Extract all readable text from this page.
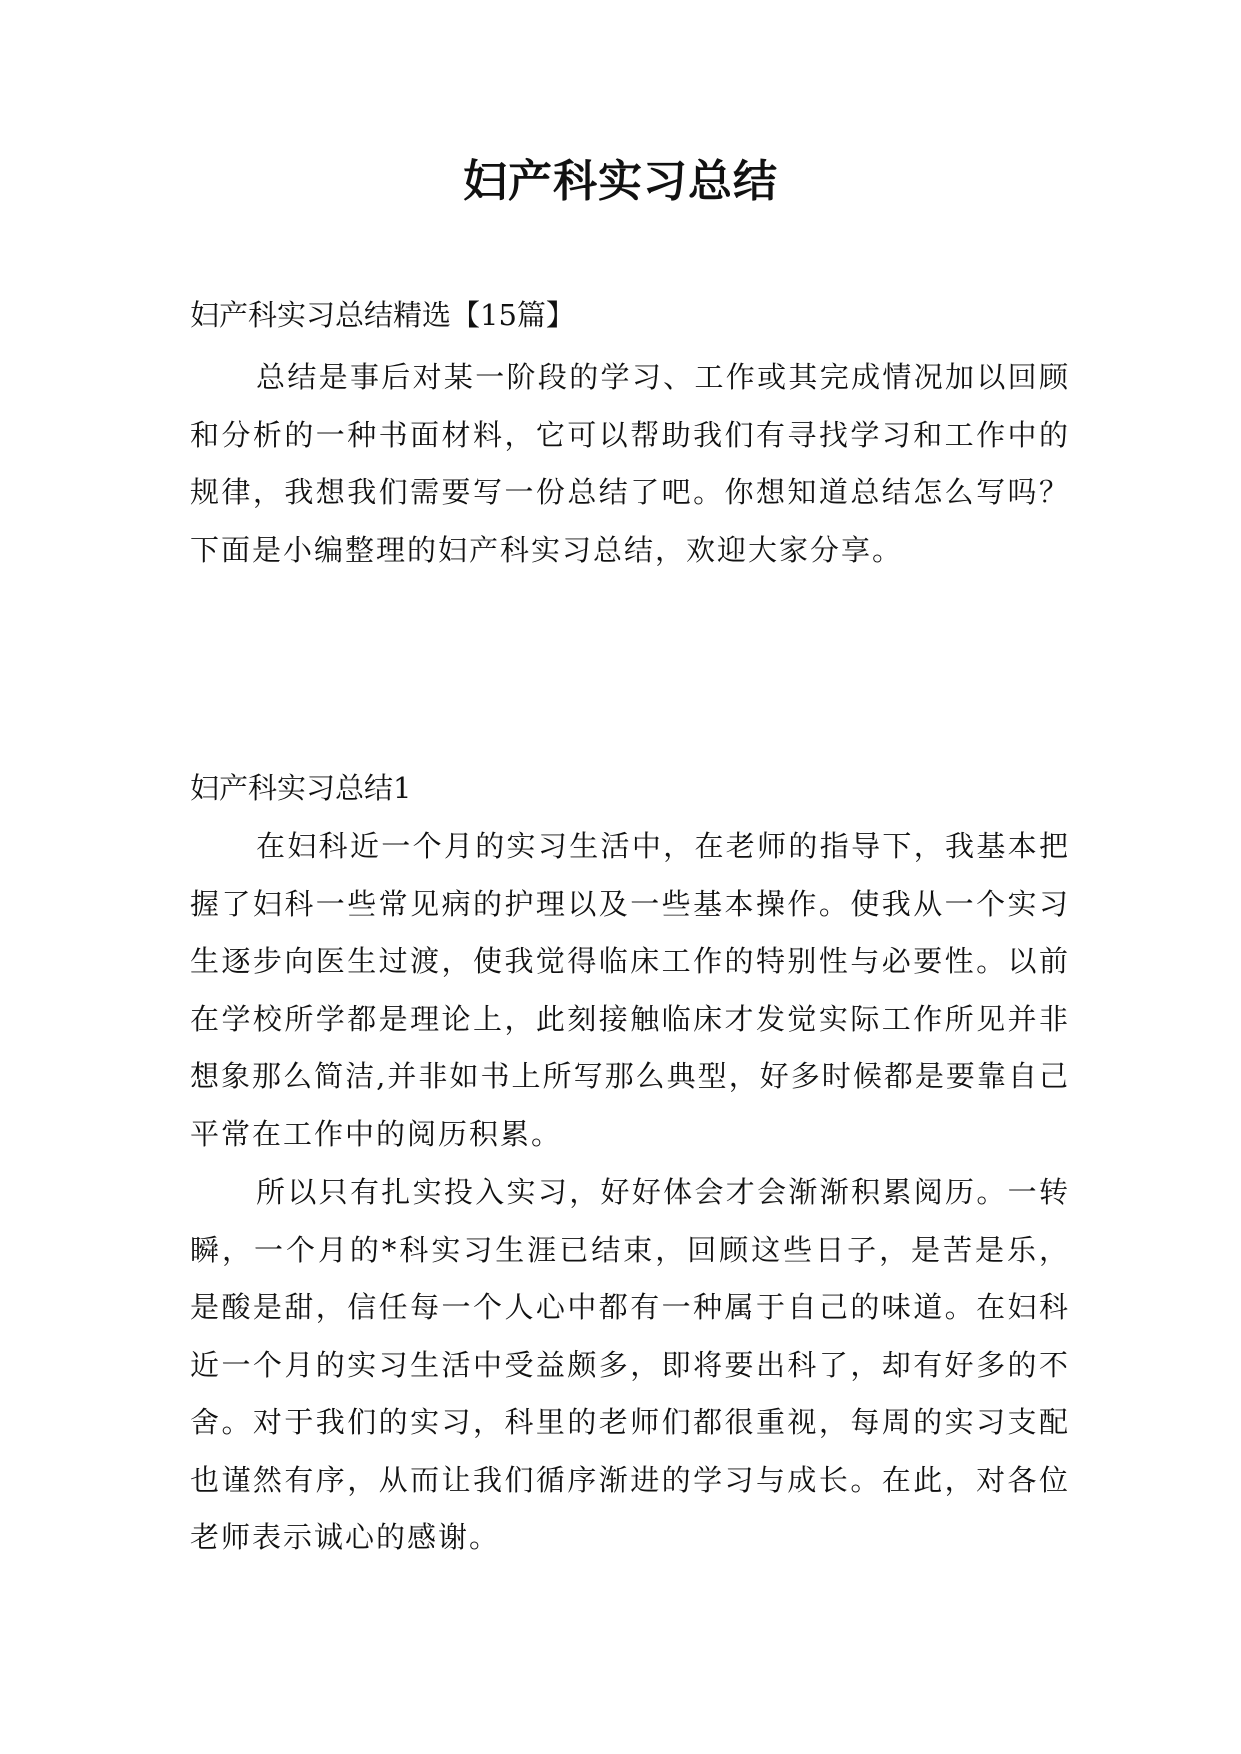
妇产科实习总结

妇产科实习总结精选【15篇】

总结是事后对某一阶段的学习、工作或其完成情况加以回顾和分析的一种书面材料，它可以帮助我们有寻找学习和工作中的规律，我想我们需要写一份总结了吧。你想知道总结怎么写吗？下面是小编整理的妇产科实习总结，欢迎大家分享。

妇产科实习总结1

在妇科近一个月的实习生活中，在老师的指导下，我基本把握了妇科一些常见病的护理以及一些基本操作。使我从一个实习生逐步向医生过渡，使我觉得临床工作的特别性与必要性。以前在学校所学都是理论上，此刻接触临床才发觉实际工作所见并非想象那么简洁,并非如书上所写那么典型，好多时候都是要靠自己平常在工作中的阅历积累。

所以只有扎实投入实习，好好体会才会渐渐积累阅历。一转瞬，一个月的*科实习生涯已结束，回顾这些日子，是苦是乐，是酸是甜，信任每一个人心中都有一种属于自己的味道。在妇科近一个月的实习生活中受益颇多，即将要出科了，却有好多的不舍。对于我们的实习，科里的老师们都很重视，每周的实习支配也谨然有序，从而让我们循序渐进的学习与成长。在此，对各位老师表示诚心的感谢。
